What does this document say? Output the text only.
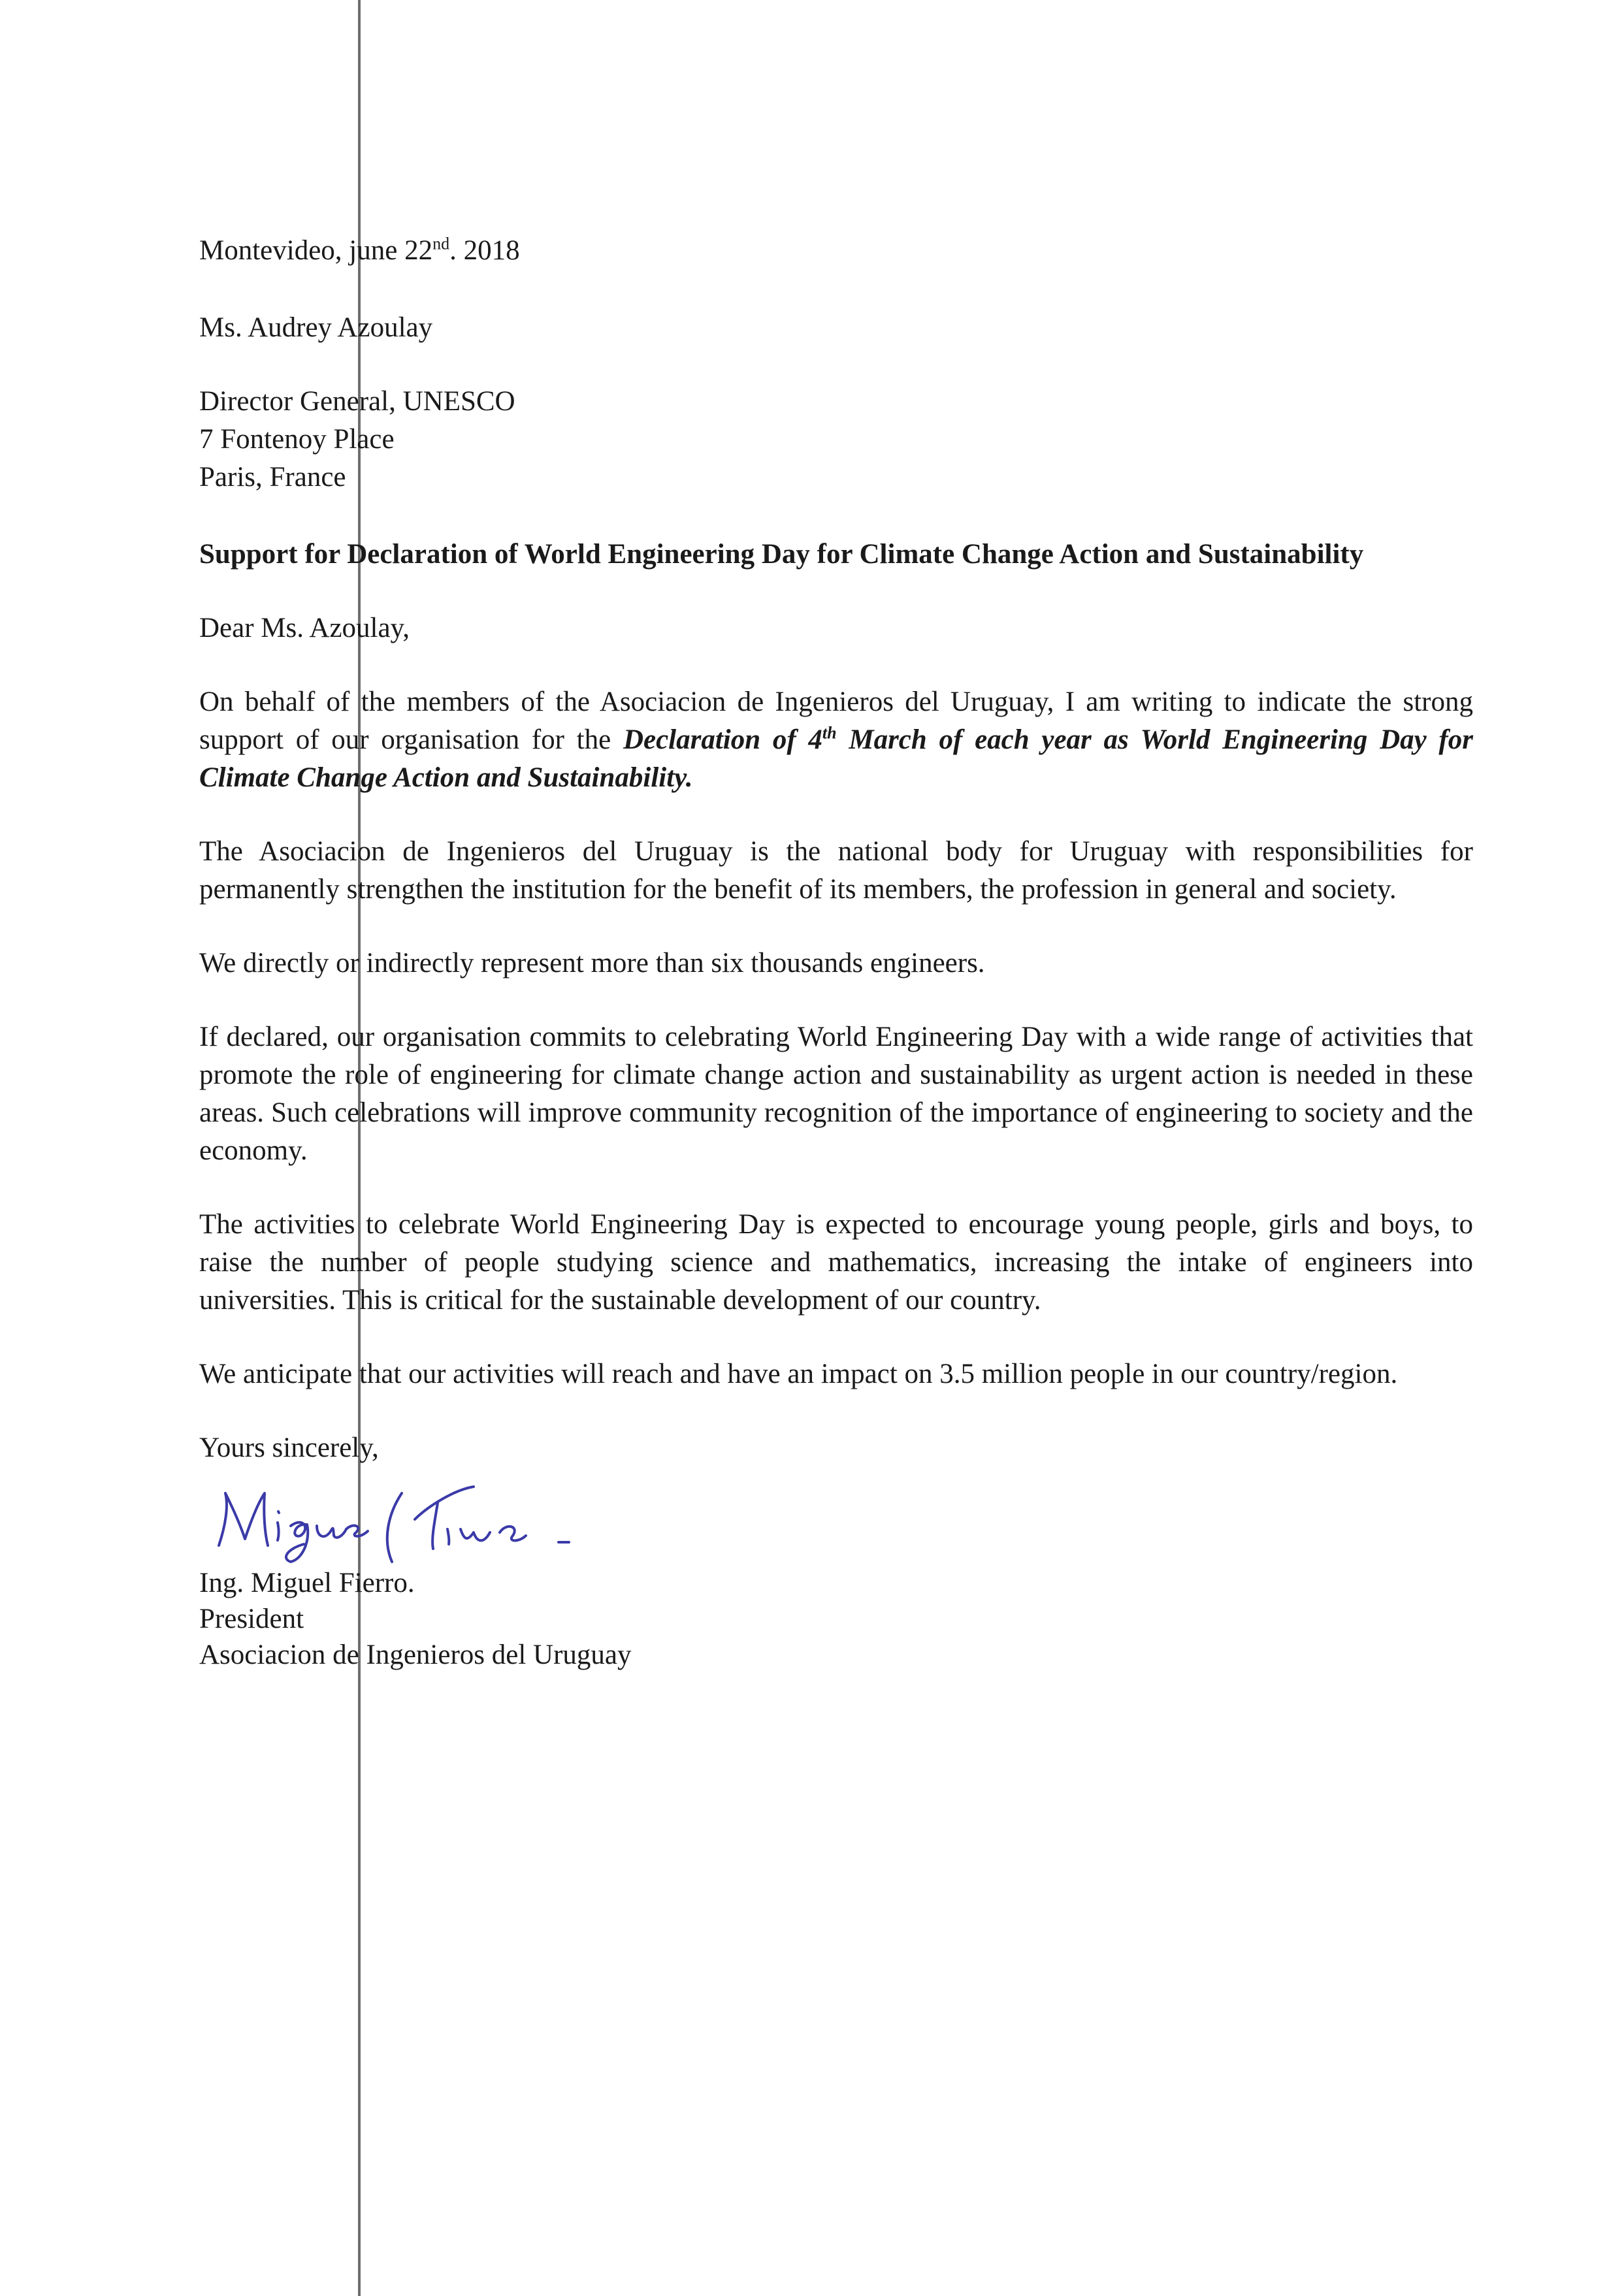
Montevideo, june 22nd. 2018
Ms. Audrey Azoulay
Director General, UNESCO
7 Fontenoy Place
Paris, France
Support for Declaration of World Engineering Day for Climate Change Action and Sustainability
Dear Ms. Azoulay,

On behalf of the members of the Asociacion de Ingenieros del Uruguay, I am writing to indicate the strong support of our organisation for the Declaration of 4th March of each year as World Engineering Day for Climate Change Action and Sustainability.

The Asociacion de Ingenieros del Uruguay is the national body for Uruguay with responsibilities for permanently strengthen the institution for the benefit of its members, the profession in general and society.

We directly or indirectly represent more than six thousands engineers.

If declared, our organisation commits to celebrating World Engineering Day with a wide range of activities that promote the role of engineering for climate change action and sustainability as urgent action is needed in these areas. Such celebrations will improve community recognition of the importance of engineering to society and the economy.

The activities to celebrate World Engineering Day is expected to encourage young people, girls and boys, to raise the number of people studying science and mathematics, increasing the intake of engineers into universities. This is critical for the sustainable development of our country.

We anticipate that our activities will reach and have an impact on 3.5 million people in our country/region.

Yours sincerely,
Ing. Miguel Fierro.
President
Asociacion de Ingenieros del Uruguay
